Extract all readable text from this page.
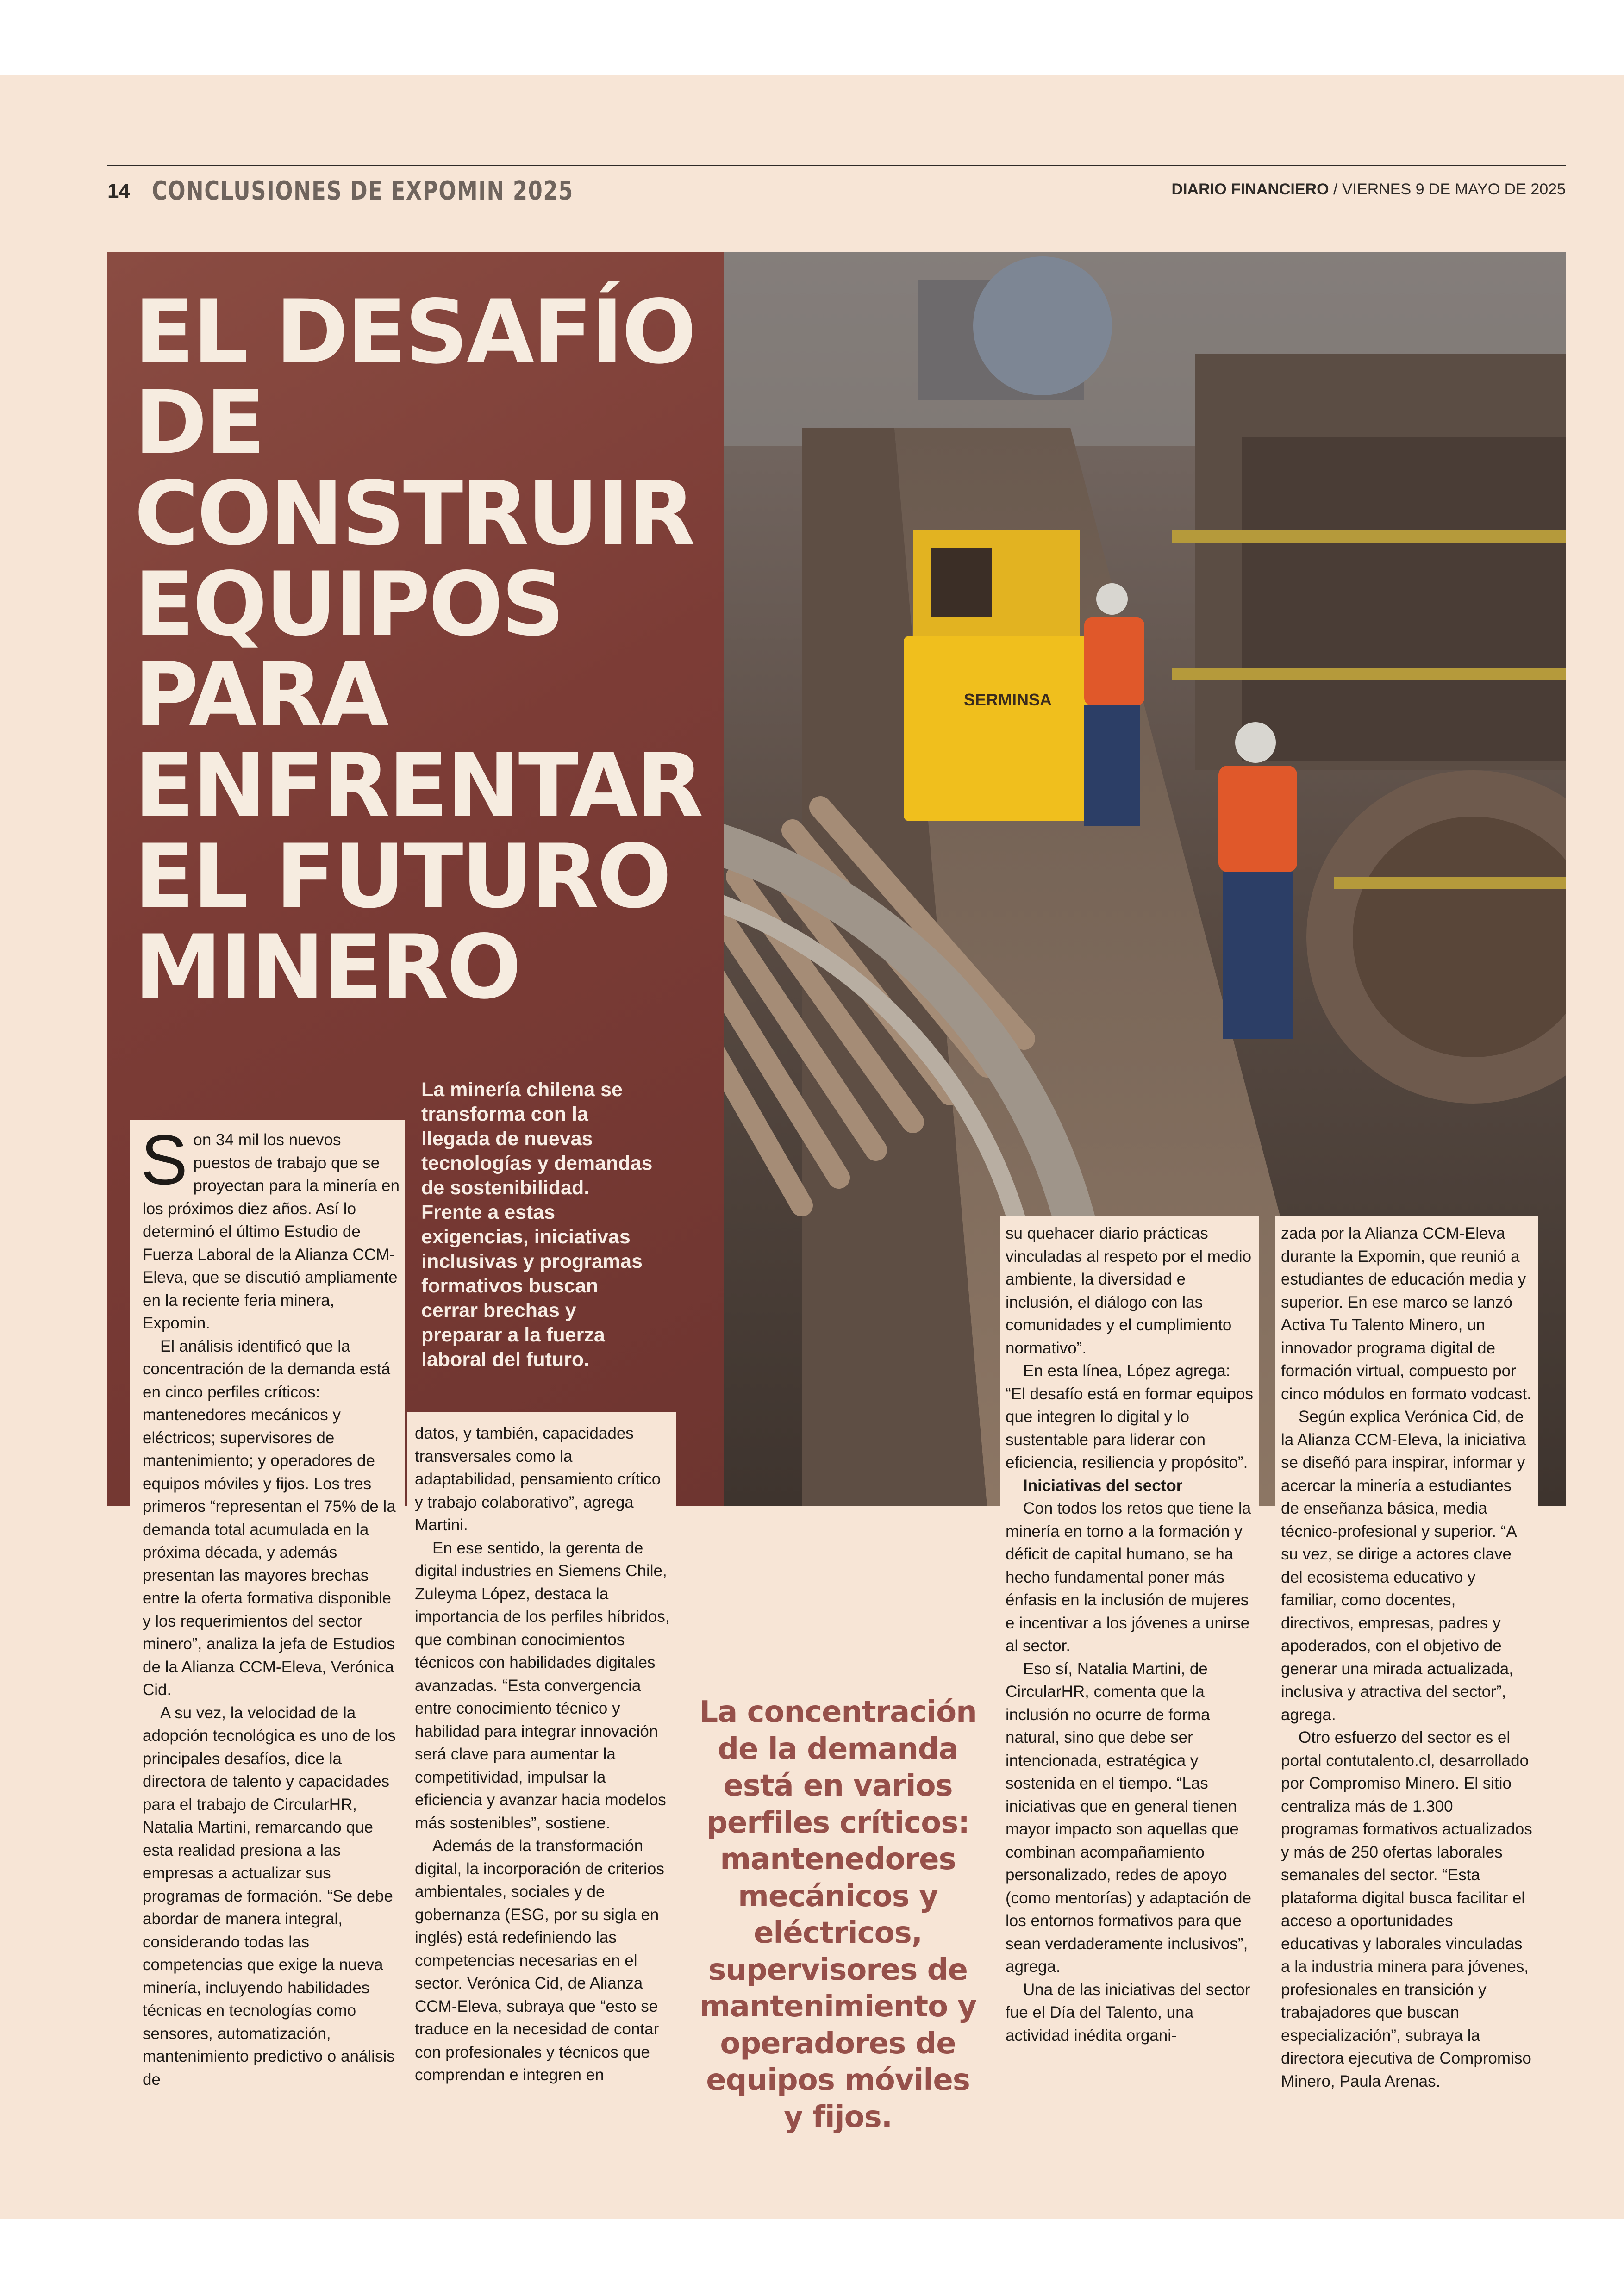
14 CONCLUSIONES DE EXPOMIN 2025	DIARIO FINANCIERO / VIERNES 9 DE MAYO DE 2025
SERMINSA
EL DESAFÍO DE CONSTRUIR EQUIPOS PARA ENFRENTAR EL FUTURO MINERO
La minería chilena se transforma con la llegada de nuevas tecnologías y demandas de sostenibilidad. Frente a estas exigencias, iniciativas inclusivas y programas formativos buscan cerrar brechas y preparar a la fuerza laboral del futuro.

Son 34 mil los nuevos puestos de trabajo que se proyectan para la minería en los próximos diez años. Así lo determinó el último Estudio de Fuerza Laboral de la Alianza CCM-Eleva, que se discutió ampliamente en la reciente feria minera, Expomin.

El análisis identificó que la concentración de la demanda está en cinco perfiles críticos: mantenedores mecánicos y eléctricos; supervisores de mantenimiento; y operadores de equipos móviles y fijos. Los tres primeros “representan el 75% de la demanda total acumulada en la próxima década, y además presentan las mayores brechas entre la oferta formativa disponible y los requerimientos del sector minero”, analiza la jefa de Estudios de la Alianza CCM-Eleva, Verónica Cid.

A su vez, la velocidad de la adopción tecnológica es uno de los principales desafíos, dice la directora de talento y capacidades para el trabajo de CircularHR, Natalia Martini, remarcando que esta realidad presiona a las empresas a actualizar sus programas de formación. “Se debe abordar de manera integral, considerando todas las competencias que exige la nueva minería, incluyendo habilidades técnicas en tecnologías como sensores, automatización, mantenimiento predictivo o análisis de

datos, y también, capacidades transversales como la adaptabilidad, pensamiento crítico y trabajo colaborativo”, agrega Martini.

En ese sentido, la gerenta de digital industries en Siemens Chile, Zuleyma López, destaca la importancia de los perfiles híbridos, que combinan conocimientos técnicos con habilidades digitales avanzadas. “Esta convergencia entre conocimiento técnico y habilidad para integrar innovación será clave para aumentar la competitividad, impulsar la eficiencia y avanzar hacia modelos más sostenibles”, sostiene.

Además de la transformación digital, la incorporación de criterios ambientales, sociales y de gobernanza (ESG, por su sigla en inglés) está redefiniendo las competencias necesarias en el sector. Verónica Cid, de Alianza CCM-Eleva, subraya que “esto se traduce en la necesidad de contar con profesionales y técnicos que comprendan e integren en

La concentración de la demanda está en varios perfiles críticos: mantenedores mecánicos y eléctricos, supervisores de mantenimiento y operadores de equipos móviles y fijos.

su quehacer diario prácticas vinculadas al respeto por el medio ambiente, la diversidad e inclusión, el diálogo con las comunidades y el cumplimiento normativo”.

En esta línea, López agrega: “El desafío está en formar equipos que integren lo digital y lo sustentable para liderar con eficiencia, resiliencia y propósito”.

Iniciativas del sector

Con todos los retos que tiene la minería en torno a la formación y déficit de capital humano, se ha hecho fundamental poner más énfasis en la inclusión de mujeres e incentivar a los jóvenes a unirse al sector.

Eso sí, Natalia Martini, de CircularHR, comenta que la inclusión no ocurre de forma natural, sino que debe ser intencionada, estratégica y sostenida en el tiempo. “Las iniciativas que en general tienen mayor impacto son aquellas que combinan acompañamiento personalizado, redes de apoyo (como mentorías) y adaptación de los entornos formativos para que sean verdaderamente inclusivos”, agrega.

Una de las iniciativas del sector fue el Día del Talento, una actividad inédita organi-

zada por la Alianza CCM-Eleva durante la Expomin, que reunió a estudiantes de educación media y superior. En ese marco se lanzó Activa Tu Talento Minero, un innovador programa digital de formación virtual, compuesto por cinco módulos en formato vodcast.

Según explica Verónica Cid, de la Alianza CCM-Eleva, la iniciativa se diseñó para inspirar, informar y acercar la minería a estudiantes de enseñanza básica, media técnico-profesional y superior. “A su vez, se dirige a actores clave del ecosistema educativo y familiar, como docentes, directivos, empresas, padres y apoderados, con el objetivo de generar una mirada actualizada, inclusiva y atractiva del sector”, agrega.

Otro esfuerzo del sector es el portal contutalento.cl, desarrollado por Compromiso Minero. El sitio centraliza más de 1.300 programas formativos actualizados y más de 250 ofertas laborales semanales del sector. “Esta plataforma digital busca facilitar el acceso a oportunidades educativas y laborales vinculadas a la industria minera para jóvenes, profesionales en transición y trabajadores que buscan especialización”, subraya la directora ejecutiva de Compromiso Minero, Paula Arenas.
